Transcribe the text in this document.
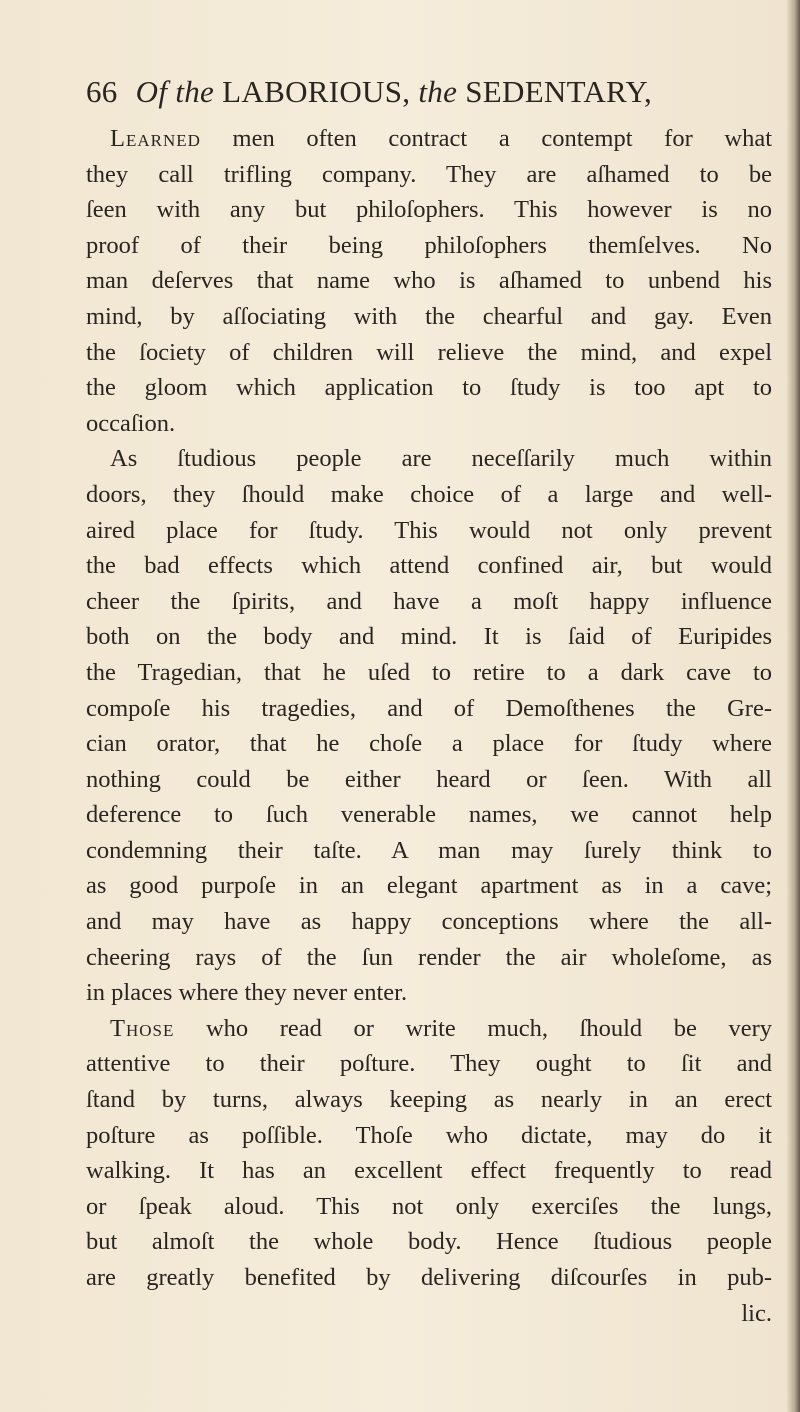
66 Of the LABORIOUS, the SEDENTARY,
Learned men often contract a contempt for what
they call trifling company. They are aſhamed to be
ſeen with any but philoſophers. This however is no
proof of their being philoſophers themſelves. No
man deſerves that name who is aſhamed to unbend his
mind, by aſſociating with the chearful and gay. Even
the ſociety of children will relieve the mind, and expel
the gloom which application to ſtudy is too apt to
occaſion.
As ſtudious people are neceſſarily much within
doors, they ſhould make choice of a large and well-
aired place for ſtudy. This would not only prevent
the bad effects which attend confined air, but would
cheer the ſpirits, and have a moſt happy influence
both on the body and mind. It is ſaid of Euripides
the Tragedian, that he uſed to retire to a dark cave to
compoſe his tragedies, and of Demoſthenes the Gre-
cian orator, that he choſe a place for ſtudy where
nothing could be either heard or ſeen. With all
deference to ſuch venerable names, we cannot help
condemning their taſte. A man may ſurely think to
as good purpoſe in an elegant apartment as in a cave;
and may have as happy conceptions where the all-
cheering rays of the ſun render the air wholeſome, as
in places where they never enter.
Those who read or write much, ſhould be very
attentive to their poſture. They ought to ſit and
ſtand by turns, always keeping as nearly in an erect
poſture as poſſible. Thoſe who dictate, may do it
walking. It has an excellent effect frequently to read
or ſpeak aloud. This not only exerciſes the lungs,
but almoſt the whole body. Hence ſtudious people
are greatly benefited by delivering diſcourſes in pub-
lic.
